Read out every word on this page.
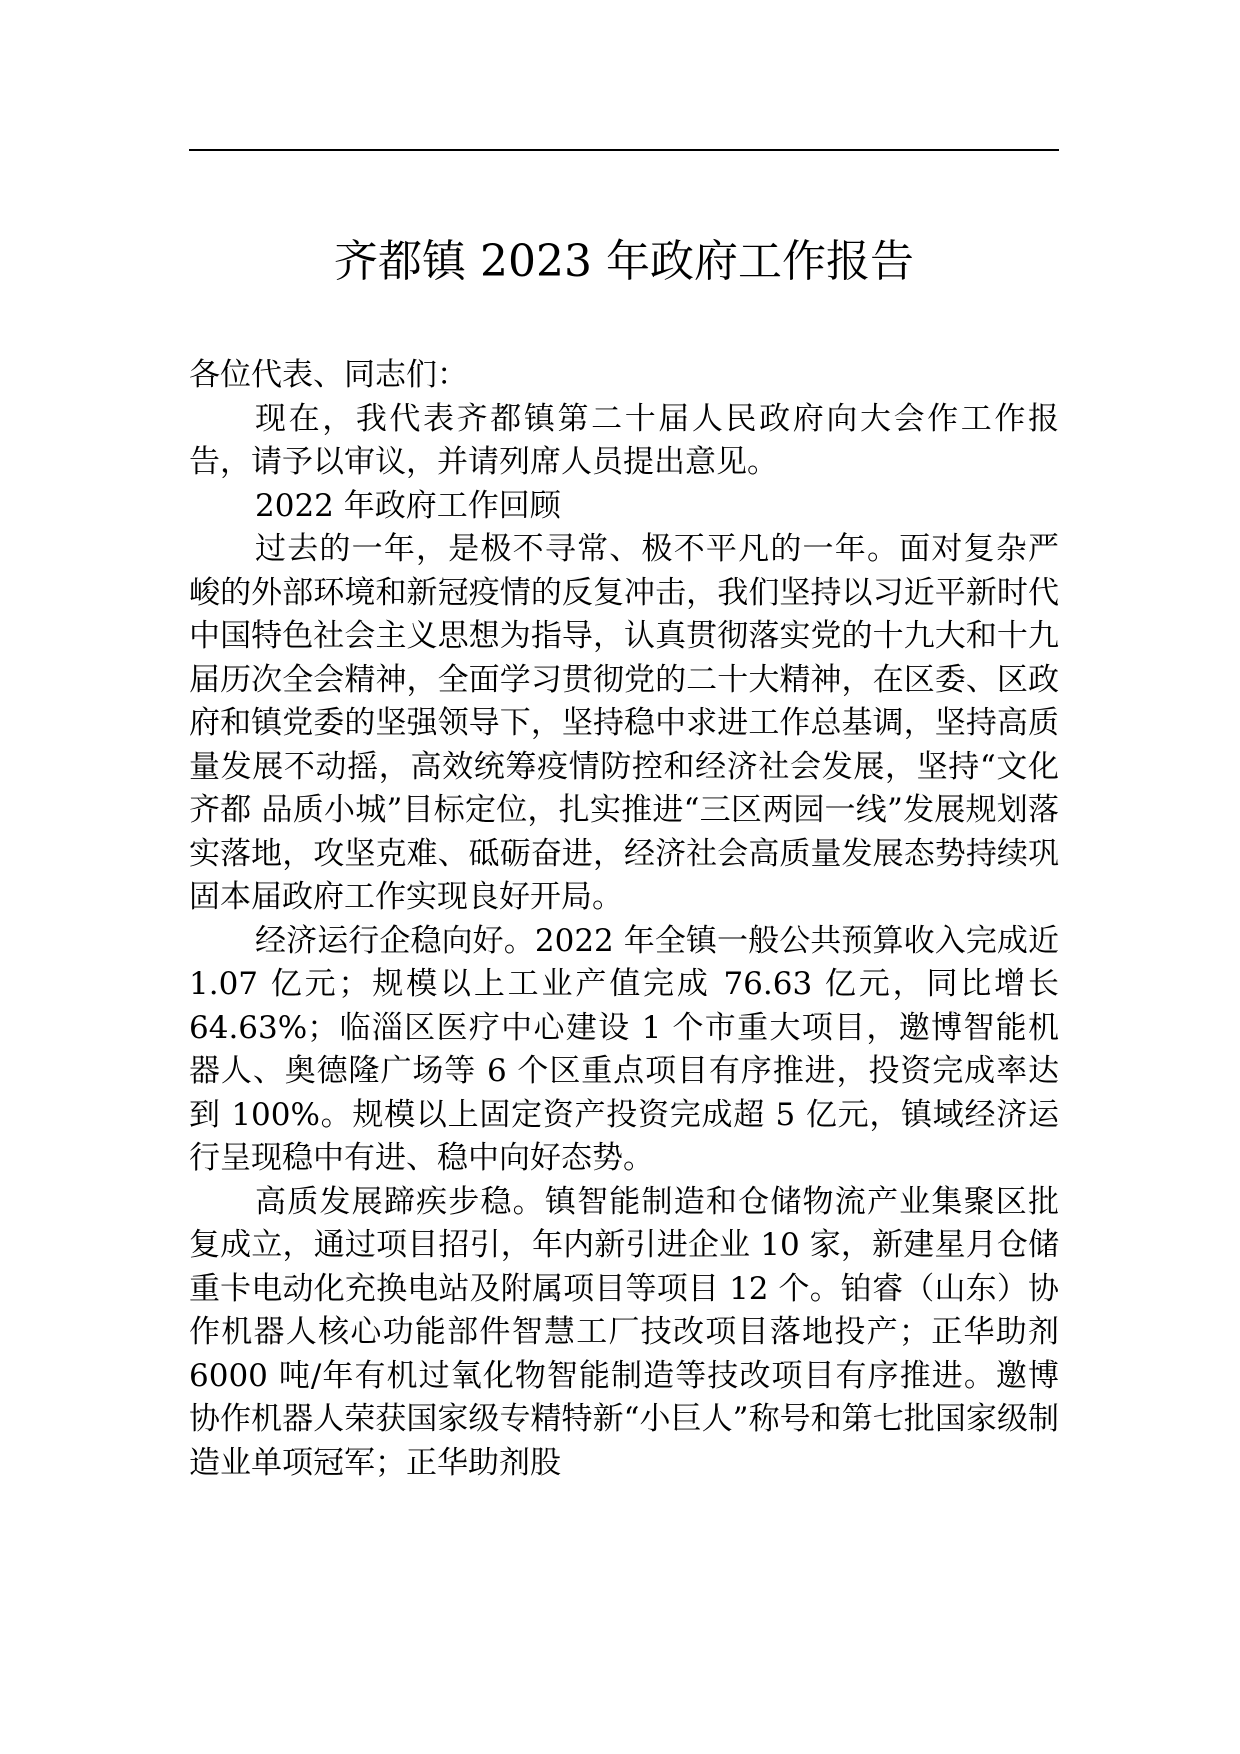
齐都镇 2023 年政府工作报告

各位代表、同志们：

现在，我代表齐都镇第二十届人民政府向大会作工作报告，请予以审议，并请列席人员提出意见。

2022 年政府工作回顾

过去的一年，是极不寻常、极不平凡的一年。面对复杂严峻的外部环境和新冠疫情的反复冲击，我们坚持以习近平新时代中国特色社会主义思想为指导，认真贯彻落实党的十九大和十九届历次全会精神，全面学习贯彻党的二十大精神，在区委、区政府和镇党委的坚强领导下，坚持稳中求进工作总基调，坚持高质量发展不动摇，高效统筹疫情防控和经济社会发展，坚持“文化齐都 品质小城”目标定位，扎实推进“三区两园一线”发展规划落实落地，攻坚克难、砥砺奋进，经济社会高质量发展态势持续巩固本届政府工作实现良好开局。

经济运行企稳向好。2022 年全镇一般公共预算收入完成近 1.07 亿元；规模以上工业产值完成 76.63 亿元，同比增长 64.63%；临淄区医疗中心建设 1 个市重大项目，邀博智能机器人、奥德隆广场等 6 个区重点项目有序推进，投资完成率达到 100%。规模以上固定资产投资完成超 5 亿元，镇域经济运行呈现稳中有进、稳中向好态势。

高质发展蹄疾步稳。镇智能制造和仓储物流产业集聚区批复成立，通过项目招引，年内新引进企业 10 家，新建星月仓储重卡电动化充换电站及附属项目等项目 12 个。铂睿（山东）协作机器人核心功能部件智慧工厂技改项目落地投产；正华助剂 6000 吨/年有机过氧化物智能制造等技改项目有序推进。邀博协作机器人荣获国家级专精特新“小巨人”称号和第七批国家级制造业单项冠军；正华助剂股
